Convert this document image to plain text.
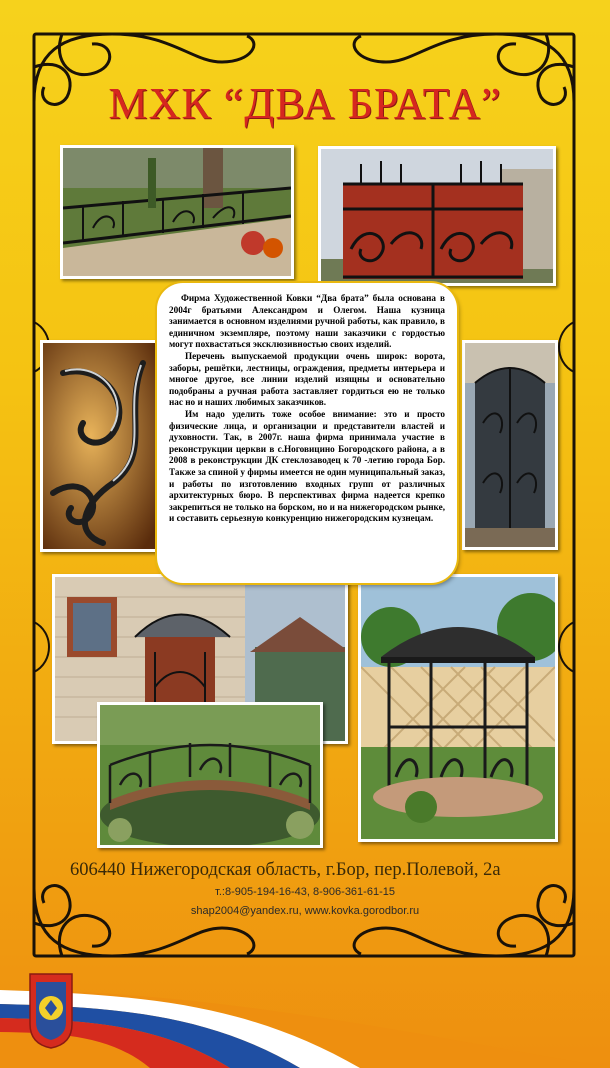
МХК “ДВА БРАТА”

Фирма Художественной Ковки “Два брата” была основана в 2004г братьями Александром и Олегом. Наша кузница занимается в основном изделиями ручной работы, как правило, в единичном экземпляре, поэтому наши заказчики с гордостью могут похвастаться эксклюзивностью своих изделий.

Перечень выпускаемой продукции очень широк: ворота, заборы, решётки, лестницы, ограждения, предметы интерьера и многое другое, все линии изделий изящны и основательно подобраны а ручная работа заставляет гордиться ею не только нас но и наших любимых заказчиков.

Им надо уделить тоже особое внимание: это и просто физические лица, и организации и представители властей и духовности. Так, в 2007г. наша фирма принимала участие в реконструкции церкви в с.Ноговицино Богородского района, а в 2008 в реконструкции ДК стеклозаводец к 70 -летию города Бор. Также за спиной у фирмы имеется не один муниципальный заказ, и работы по изготовлению входных групп от различных архитектурных бюро. В перспективах фирма надеется крепко закрепиться не только на борском, но и на нижегородском рынке, и составить серьезную конкуренцию нижегородским кузнецам.

606440 Нижегородская область, г.Бор, пер.Полевой, 2а
т.:8-905-194-16-43, 8-906-361-61-15
shap2004@yandex.ru, www.kovka.gorodbor.ru
